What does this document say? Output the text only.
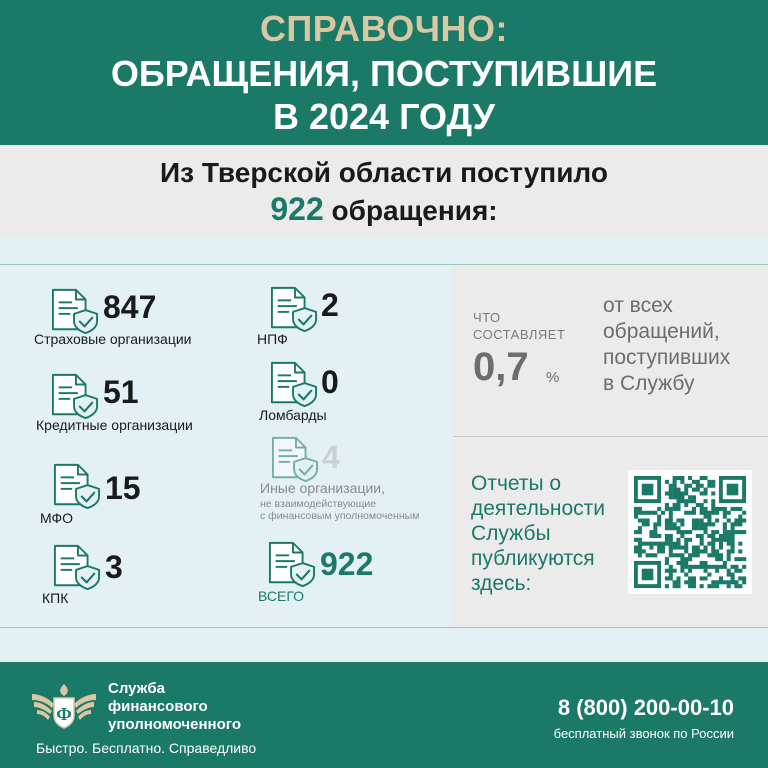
СПРАВОЧНО:
ОБРАЩЕНИЯ, ПОСТУПИВШИЕ
В 2024 ГОДУ
Из Тверской области поступило
922 обращения:
847
Страховые организации
51
Кредитные организации
15
МФО
3
КПК
2
НПФ
0
Ломбарды
4
Иные организации,
не взаимодействующие
с финансовым уполномоченным
922
ВСЕГО
ЧТО
СОСТАВЛЯЕТ
0,7 %
от всех
обращений,
поступивших
в Службу
Отчеты о
деятельности
Службы
публикуются
здесь:
Ф
Служба
финансового
уполномоченного
Быстро. Бесплатно. Справедливо
8 (800) 200-00-10
бесплатный звонок по России
